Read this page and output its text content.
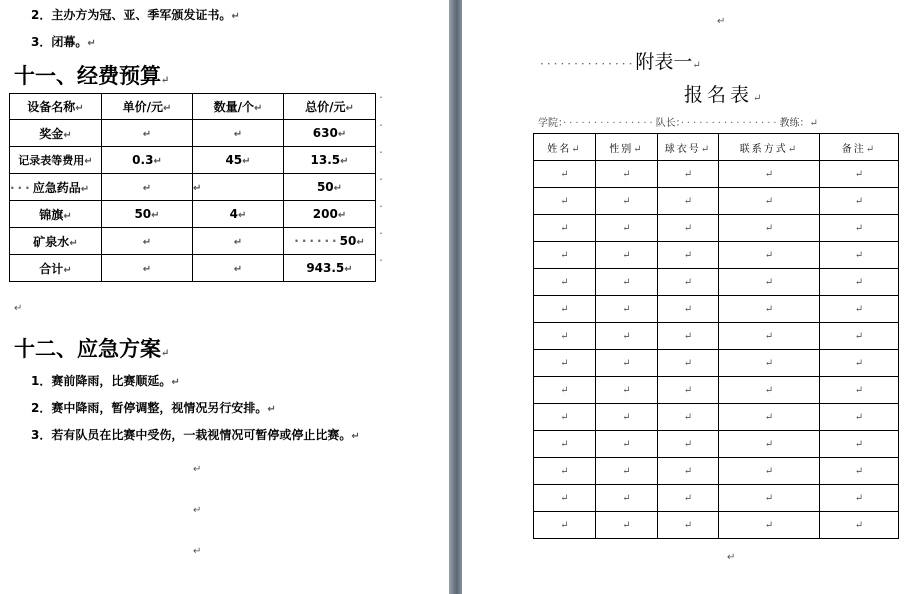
2．主办方为冠、亚、季军颁发证书。↵
3．闭幕。↵
十一、经费预算↵
设备名称↵	单价/元↵	数量/个↵	总价/元↵
奖金↵	↵	↵	630↵
记录表等费用↵	0.3↵	45↵	13.5↵
···应急药品↵	↵	↵	50↵
锦旗↵	50↵	4↵	200↵
矿泉水↵	↵	↵	······50↵
合计↵	↵	↵	943.5↵
ˇ
ˇ
ˇ
ˇ
ˇ
ˇ
ˇ
↵
十二、应急方案↵
1．赛前降雨，比赛顺延。↵
2．赛中降雨，暂停调整，视情况另行安排。↵
3．若有队员在比赛中受伤，一栽视情况可暂停或停止比赛。↵
↵
↵
↵
↵
··············附表一↵
报名表↵
学院：···············队长：················教练：↵
姓名↵	性别↵	球衣号↵	联系方式↵	备注↵
↵	↵	↵	↵	↵
↵	↵	↵	↵	↵
↵	↵	↵	↵	↵
↵	↵	↵	↵	↵
↵	↵	↵	↵	↵
↵	↵	↵	↵	↵
↵	↵	↵	↵	↵
↵	↵	↵	↵	↵
↵	↵	↵	↵	↵
↵	↵	↵	↵	↵
↵	↵	↵	↵	↵
↵	↵	↵	↵	↵
↵	↵	↵	↵	↵
↵	↵	↵	↵	↵
↵
